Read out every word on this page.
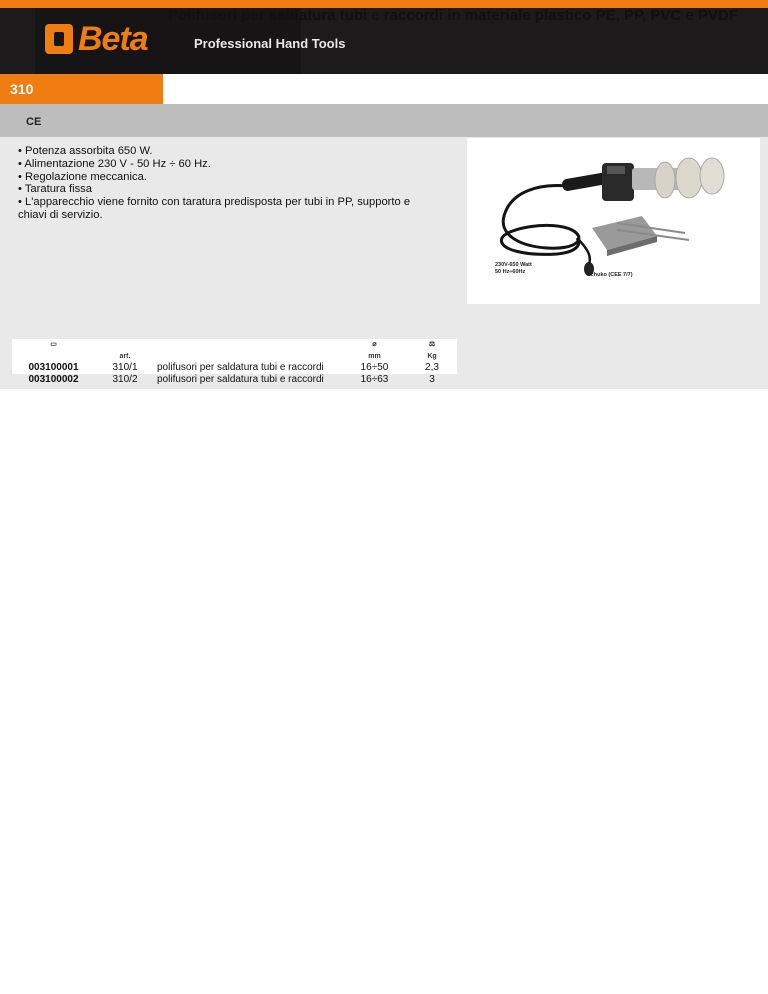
Beta	Professional Hand Tools
310
Polifusori per saldatura tubi e raccordi in materiale plastico PE, PP, PVC e PVDF
CE
• Potenza assorbita 650 W.
• Alimentazione 230 V - 50 Hz ÷ 60 Hz.
• Regolazione meccanica.
• Taratura fissa
• L'apparecchio viene fornito con taratura predisposta per tubi in PP, supporto e chiavi di servizio.
230V-650 Watt
50 Hz÷60Hz	Schuko (CEE 7/7)
▭			⌀	⚖
	art.		mm	Kg
003100001	310/1	polifusori per saldatura tubi e raccordi	16÷50	2,3
003100002	310/2	polifusori per saldatura tubi e raccordi	16÷63	3
